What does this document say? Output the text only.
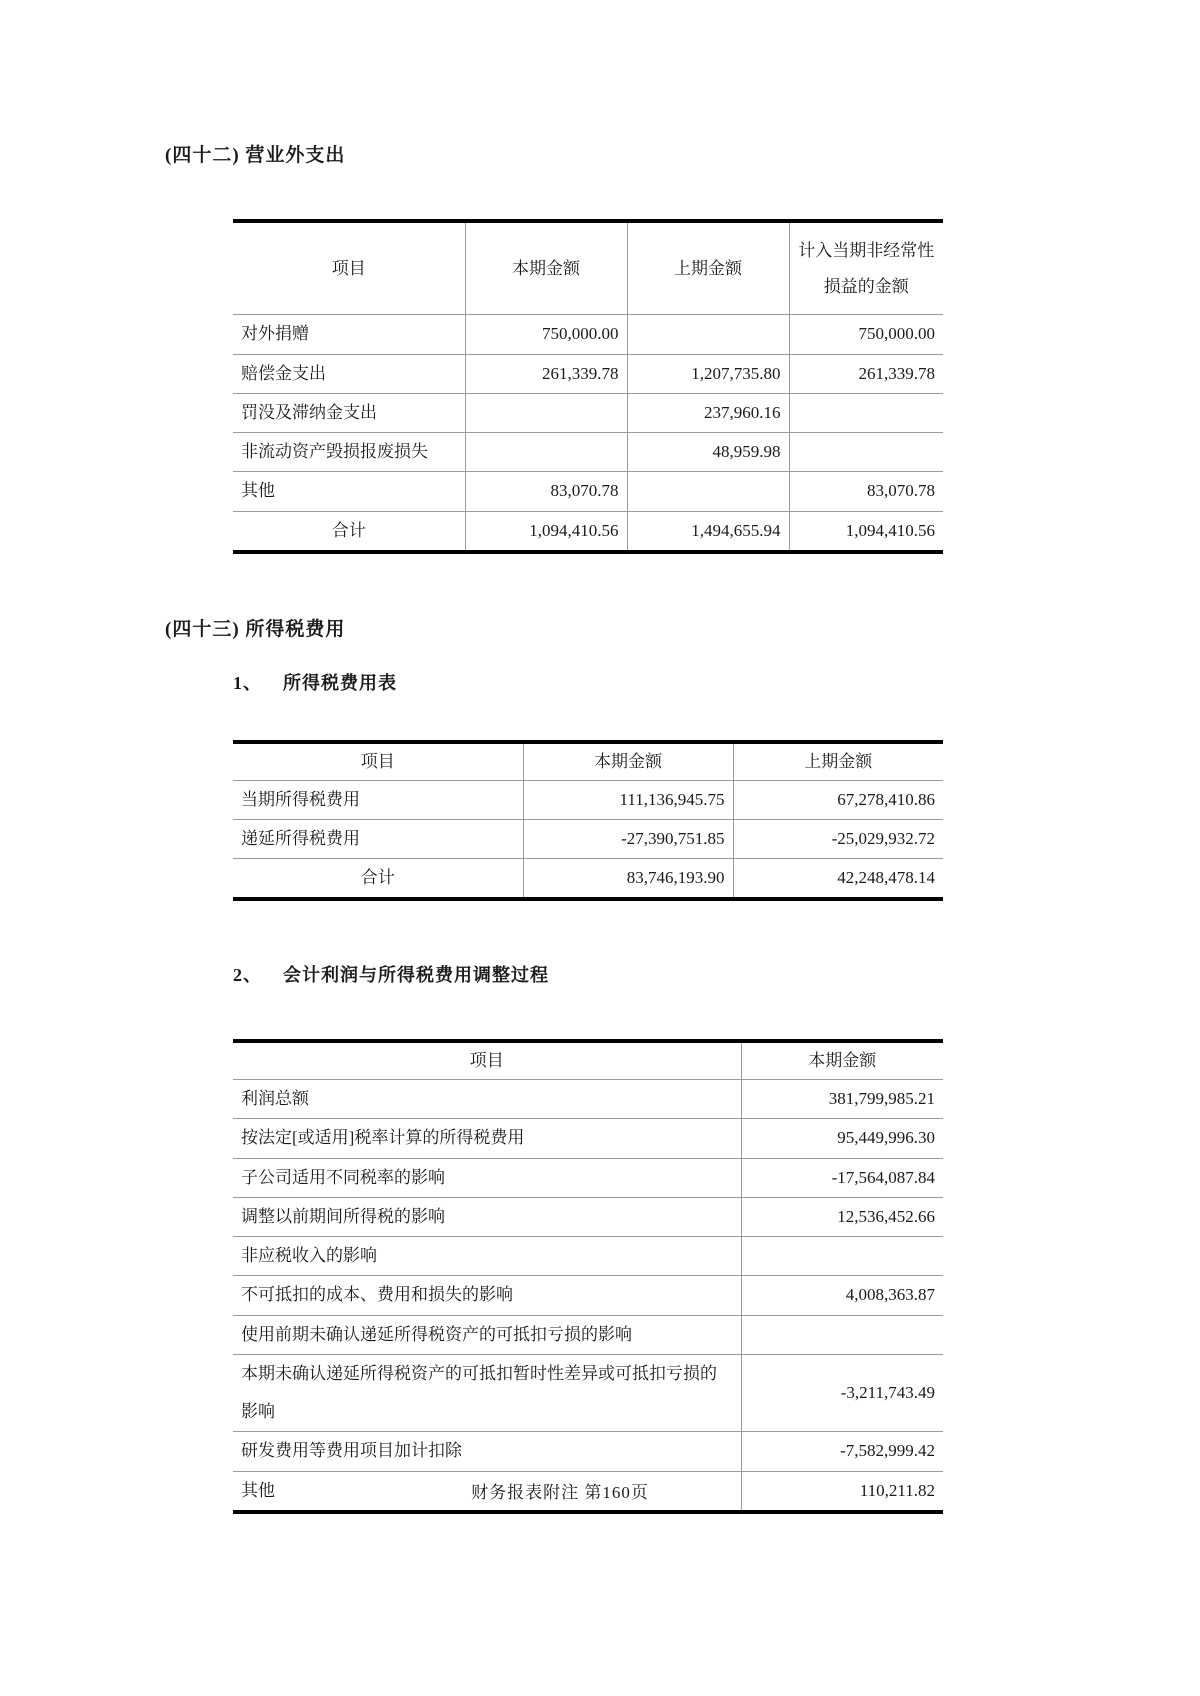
(四十二) 营业外支出
项目	本期金额	上期金额	计入当期非经常性损益的金额
对外捐赠	750,000.00		750,000.00
赔偿金支出	261,339.78	1,207,735.80	261,339.78
罚没及滞纳金支出		237,960.16	
非流动资产毁损报废损失		48,959.98	
其他	83,070.78		83,070.78
合计	1,094,410.56	1,494,655.94	1,094,410.56
(四十三) 所得税费用
1、	所得税费用表
项目	本期金额	上期金额
当期所得税费用	111,136,945.75	67,278,410.86
递延所得税费用	-27,390,751.85	-25,029,932.72
合计	83,746,193.90	42,248,478.14
2、	会计利润与所得税费用调整过程
项目	本期金额
利润总额	381,799,985.21
按法定[或适用]税率计算的所得税费用	95,449,996.30
子公司适用不同税率的影响	-17,564,087.84
调整以前期间所得税的影响	12,536,452.66
非应税收入的影响	
不可抵扣的成本、费用和损失的影响	4,008,363.87
使用前期未确认递延所得税资产的可抵扣亏损的影响	
本期未确认递延所得税资产的可抵扣暂时性差异或可抵扣亏损的影响	-3,211,743.49
研发费用等费用项目加计扣除	-7,582,999.42
其他	110,211.82
财务报表附注 第160页
